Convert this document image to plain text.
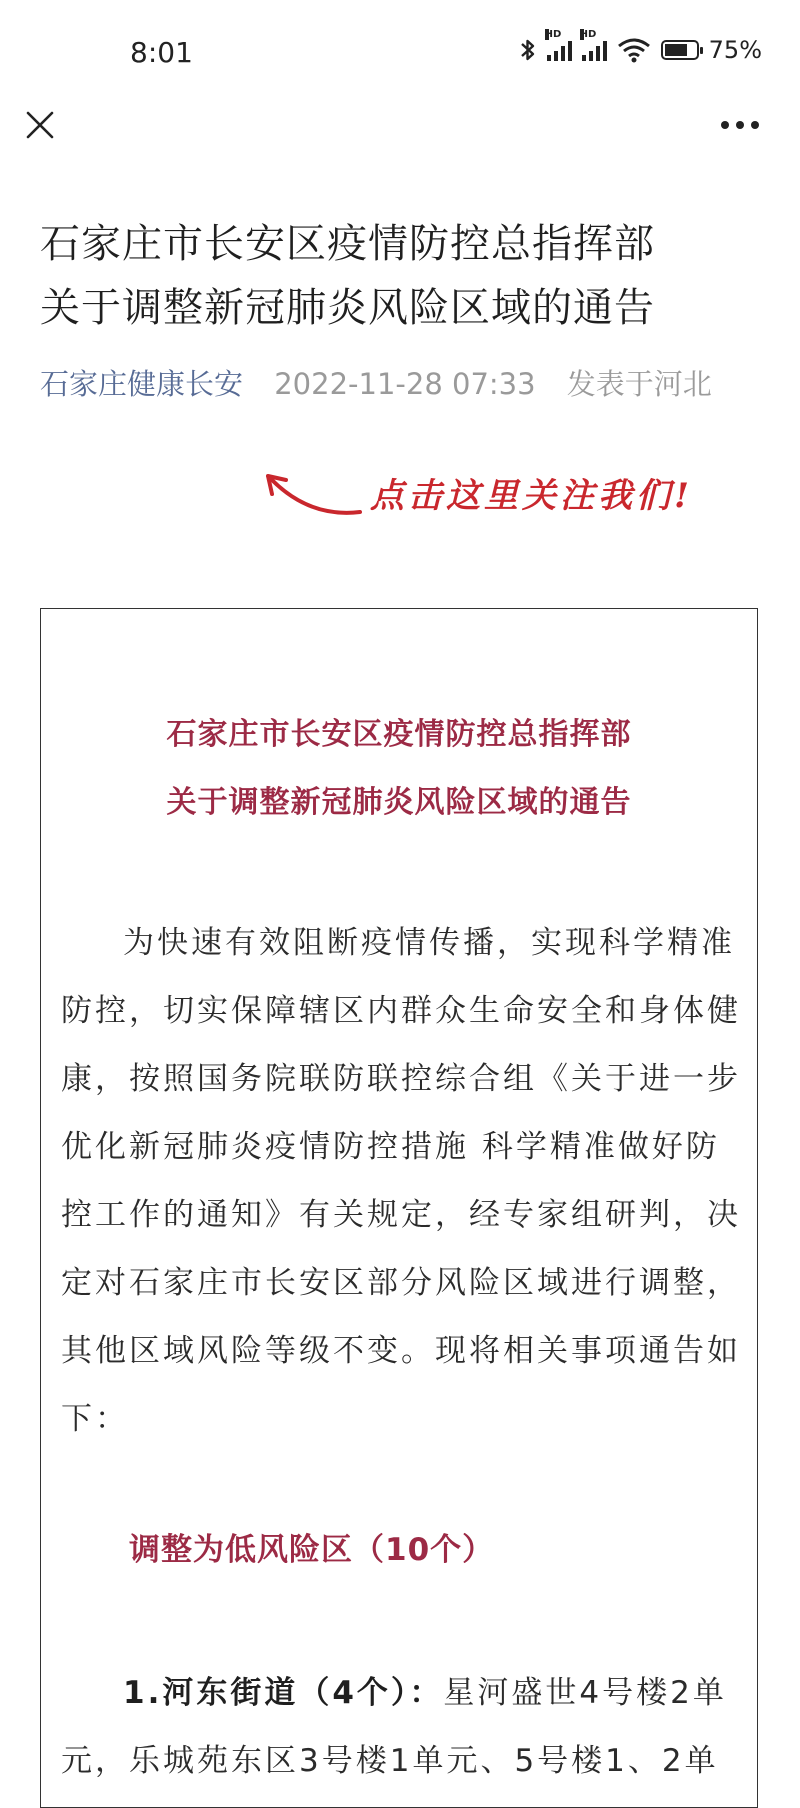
8:01
HD HD
75%
石家庄市长安区疫情防控总指挥部
关于调整新冠肺炎风险区域的通告
石家庄健康长安 2022-11-28 07:33 发表于河北
点击这里关注我们!
石家庄市长安区疫情防控总指挥部
关于调整新冠肺炎风险区域的通告

为快速有效阻断疫情传播，实现科学精准防控，切实保障辖区内群众生命安全和身体健康，按照国务院联防联控综合组《关于进一步优化新冠肺炎疫情防控措施 科学精准做好防控工作的通知》有关规定，经专家组研判，决定对石家庄市长安区部分风险区域进行调整，其他区域风险等级不变。现将相关事项通告如下：

调整为低风险区（10个）

1.河东街道（4个）：星河盛世4号楼2单元，乐城苑东区3号楼1单元、5号楼1、2单
